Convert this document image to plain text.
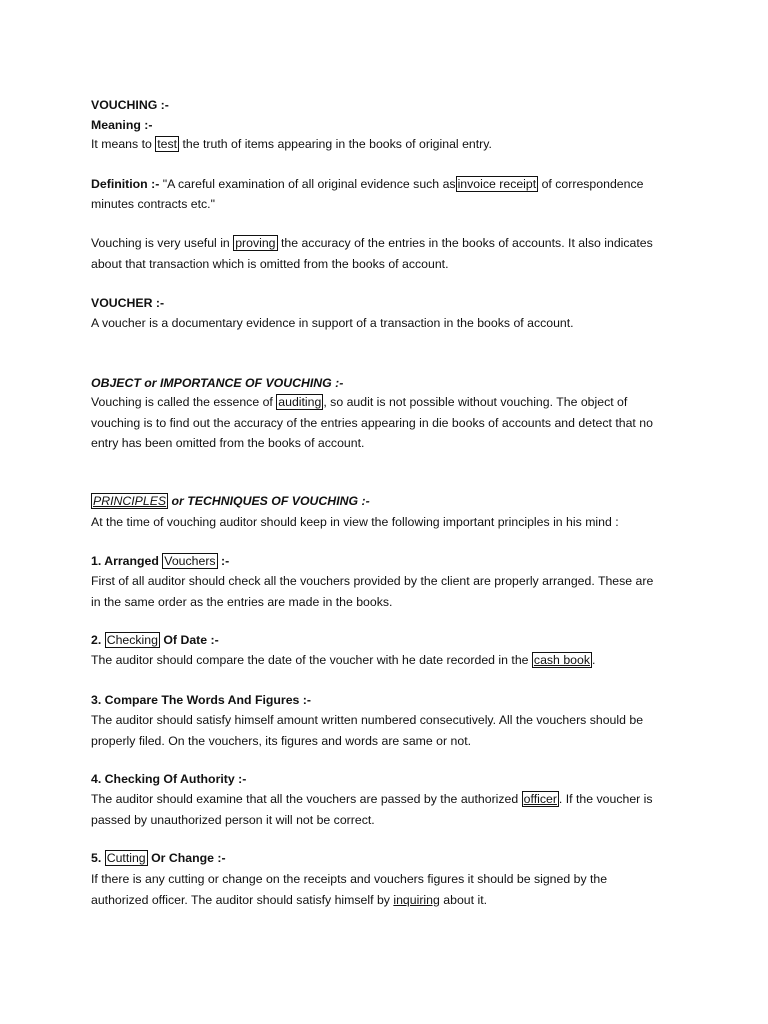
VOUCHING :-
Meaning :-
It means to test the truth of items appearing in the books of original entry.
Definition :- "A careful examination of all original evidence such as invoice receipt of correspondence
minutes contracts etc."
Vouching is very useful in proving the accuracy of the entries in the books of accounts. It also indicates
about that transaction which is omitted from the books of account.
VOUCHER :-
A voucher is a documentary evidence in support of a transaction in the books of account.
OBJECT or IMPORTANCE OF VOUCHING :-
Vouching is called the essence of auditing , so audit is not possible without vouching. The object of
vouching is to find out the accuracy of the entries appearing in die books of accounts and detect that no
entry has been omitted from the books of account.
PRINCIPLES or TECHNIQUES OF VOUCHING :-
At the time of vouching auditor should keep in view the following important principles in his mind :
1. Arranged Vouchers :-
First of all auditor should check all the vouchers provided by the client are properly arranged. These are
in the same order as the entries are made in the books.
2. Checking Of Date :-
The auditor should compare the date of the voucher with he date recorded in the cash book .
3. Compare The Words And Figures :-
The auditor should satisfy himself amount written numbered consecutively. All the vouchers should be
properly filed. On the vouchers, its figures and words are same or not.
4. Checking Of Authority :-
The auditor should examine that all the vouchers are passed by the authorized officer . If the voucher is
passed by unauthorized person it will not be correct.
5. Cutting Or Change :-
If there is any cutting or change on the receipts and vouchers figures it should be signed by the
authorized officer. The auditor should satisfy himself by inquiring about it.
